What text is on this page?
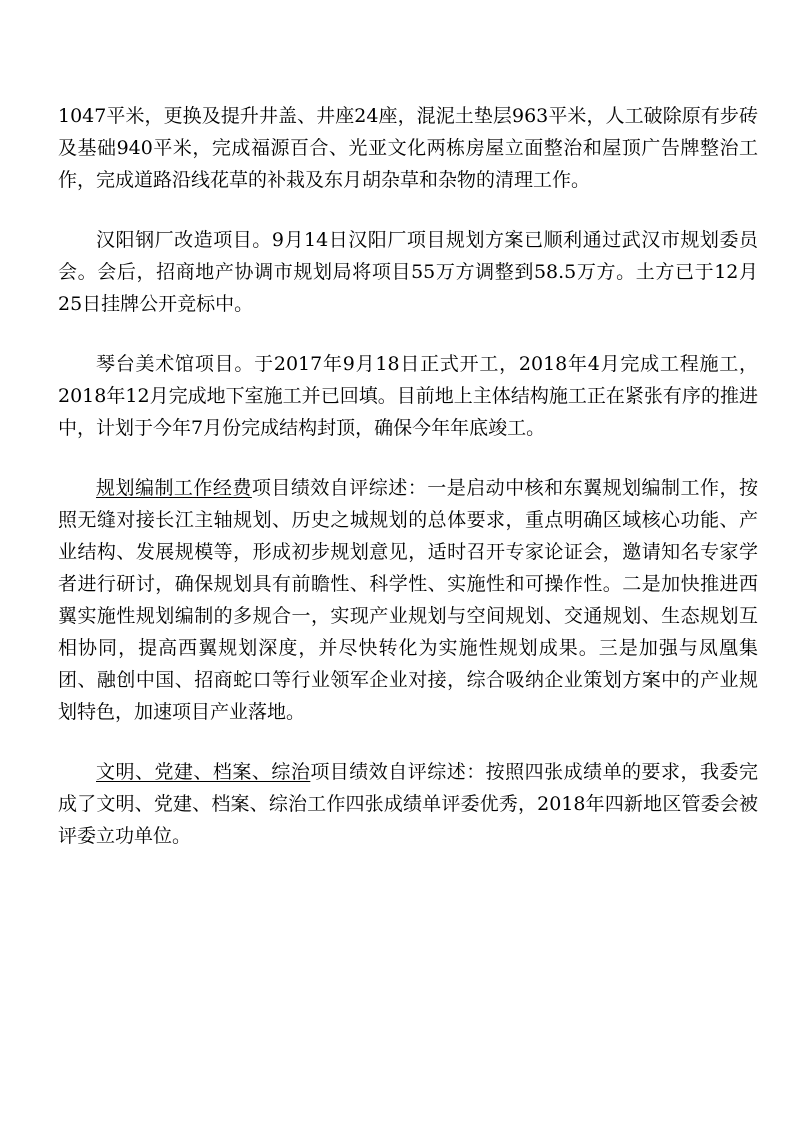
1047平米，更换及提升井盖、井座24座，混泥土垫层963平米，人工破除原有步砖及基础940平米，完成福源百合、光亚文化两栋房屋立面整治和屋顶广告牌整治工作，完成道路沿线花草的补栽及东月胡杂草和杂物的清理工作。

汉阳钢厂改造项目。9月14日汉阳厂项目规划方案已顺利通过武汉市规划委员会。会后，招商地产协调市规划局将项目55万方调整到58.5万方。土方已于12月25日挂牌公开竞标中。

琴台美术馆项目。于2017年9月18日正式开工，2018年4月完成工程施工，2018年12月完成地下室施工并已回填。目前地上主体结构施工正在紧张有序的推进中，计划于今年7月份完成结构封顶，确保今年年底竣工。

规划编制工作经费项目绩效自评综述：一是启动中核和东翼规划编制工作，按照无缝对接长江主轴规划、历史之城规划的总体要求，重点明确区域核心功能、产业结构、发展规模等，形成初步规划意见，适时召开专家论证会，邀请知名专家学者进行研讨，确保规划具有前瞻性、科学性、实施性和可操作性。二是加快推进西翼实施性规划编制的多规合一，实现产业规划与空间规划、交通规划、生态规划互相协同，提高西翼规划深度，并尽快转化为实施性规划成果。三是加强与凤凰集团、融创中国、招商蛇口等行业领军企业对接，综合吸纳企业策划方案中的产业规划特色，加速项目产业落地。

文明、党建、档案、综治项目绩效自评综述：按照四张成绩单的要求，我委完成了文明、党建、档案、综治工作四张成绩单评委优秀，2018年四新地区管委会被评委立功单位。
